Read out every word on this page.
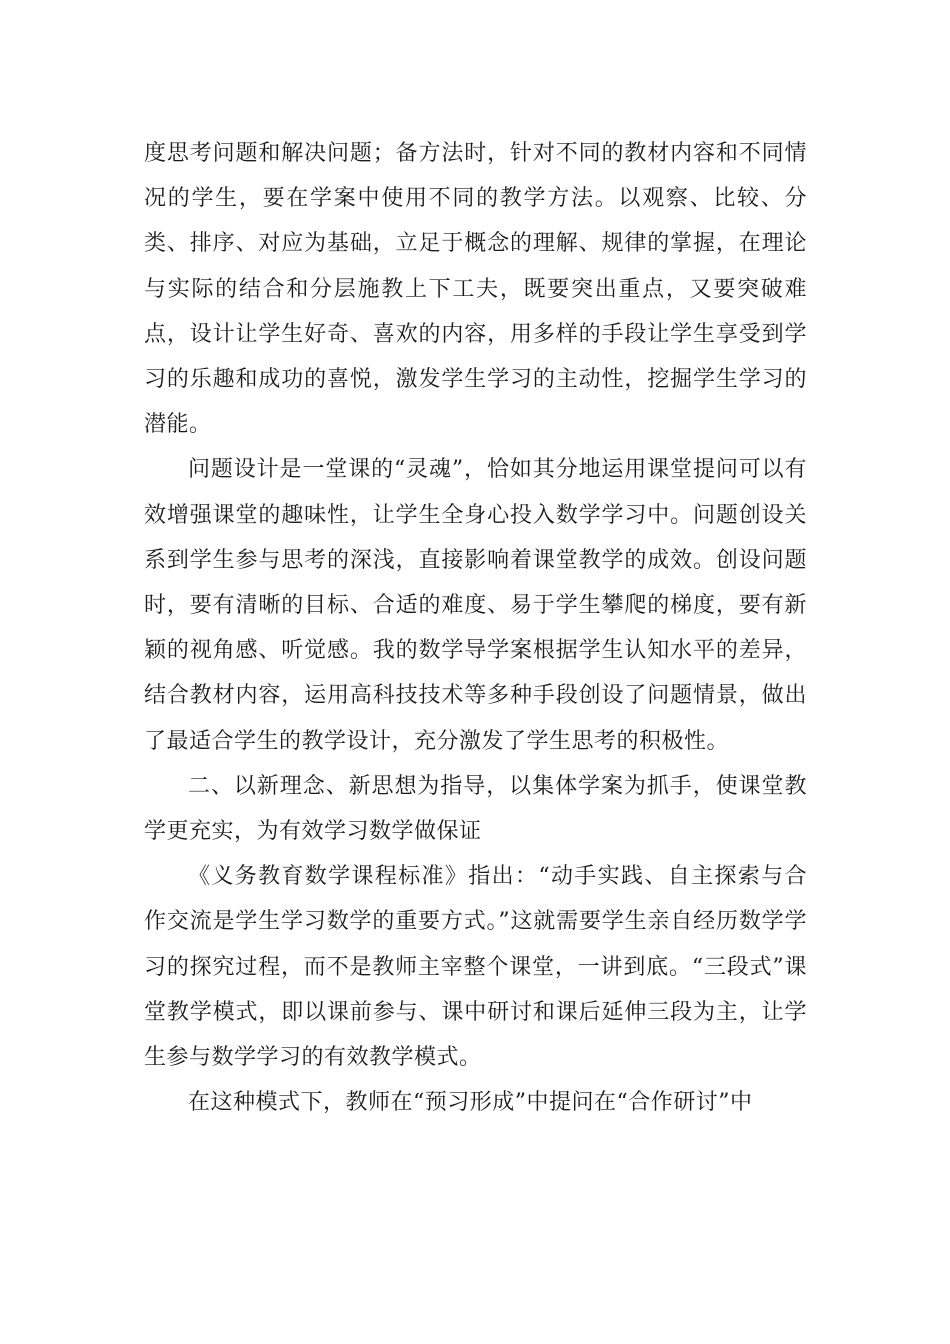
度思考问题和解决问题；备方法时，针对不同的教材内容和不同情况的学生，要在学案中使用不同的教学方法。以观察、比较、分类、排序、对应为基础，立足于概念的理解、规律的掌握，在理论与实际的结合和分层施教上下工夫，既要突出重点，又要突破难点，设计让学生好奇、喜欢的内容，用多样的手段让学生享受到学习的乐趣和成功的喜悦，激发学生学习的主动性，挖掘学生学习的潜能。

问题设计是一堂课的“灵魂”，恰如其分地运用课堂提问可以有效增强课堂的趣味性，让学生全身心投入数学学习中。问题创设关系到学生参与思考的深浅，直接影响着课堂教学的成效。创设问题时，要有清晰的目标、合适的难度、易于学生攀爬的梯度，要有新颖的视角感、听觉感。我的数学导学案根据学生认知水平的差异，结合教材内容，运用高科技技术等多种手段创设了问题情景，做出了最适合学生的教学设计，充分激发了学生思考的积极性。

二、以新理念、新思想为指导，以集体学案为抓手，使课堂教学更充实，为有效学习数学做保证

《义务教育数学课程标准》指出：“动手实践、自主探索与合作交流是学生学习数学的重要方式。”这就需要学生亲自经历数学学习的探究过程，而不是教师主宰整个课堂，一讲到底。“三段式”课堂教学模式，即以课前参与、课中研讨和课后延伸三段为主，让学生参与数学学习的有效教学模式。

在这种模式下，教师在“预习形成”中提问在“合作研讨”中
